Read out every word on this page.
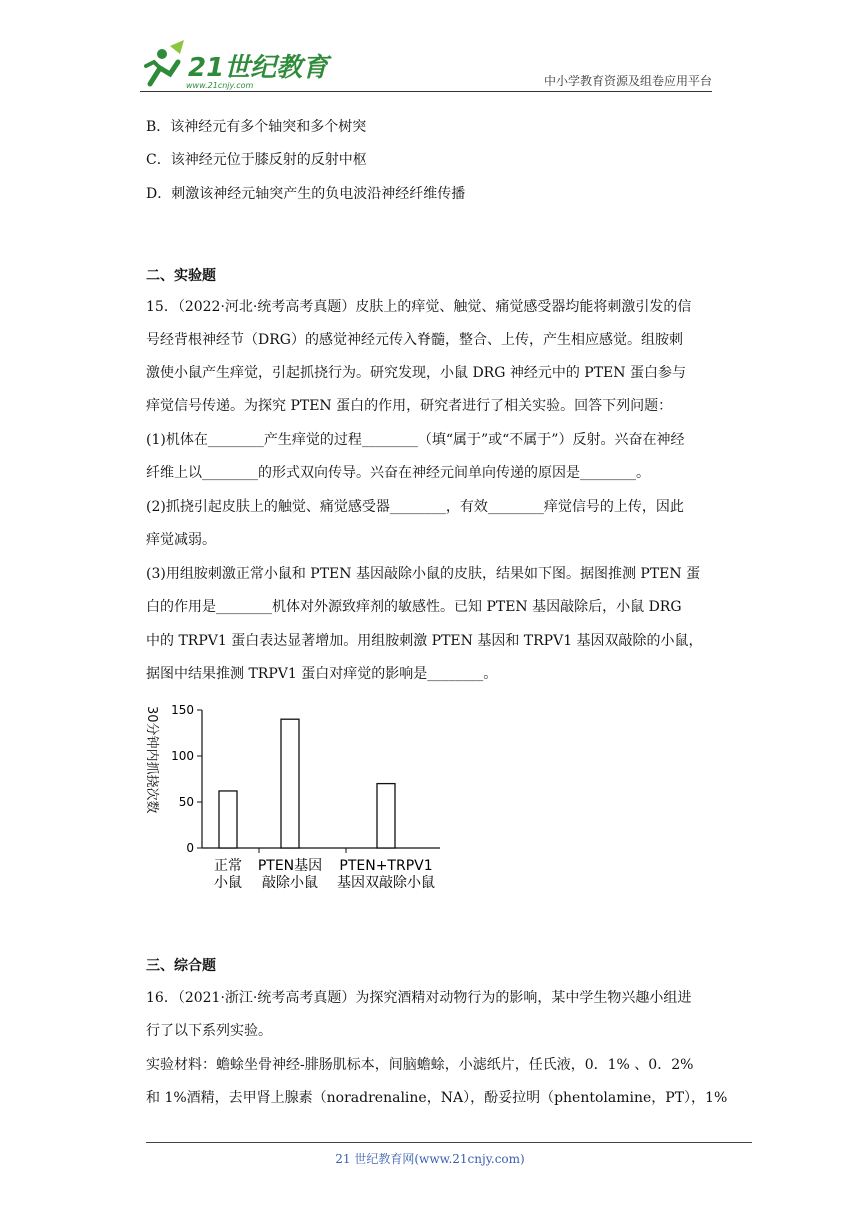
21世纪教育
www.21cnjy.com	中小学教育资源及组卷应用平台
B．该神经元有多个轴突和多个树突
C．该神经元位于膝反射的反射中枢
D．刺激该神经元轴突产生的负电波沿神经纤维传播
二、实验题
15．（2022·河北·统考高考真题）皮肤上的痒觉、触觉、痛觉感受器均能将刺激引发的信
号经背根神经节（DRG）的感觉神经元传入脊髓，整合、上传，产生相应感觉。组胺刺
激使小鼠产生痒觉，引起抓挠行为。研究发现，小鼠 DRG 神经元中的 PTEN 蛋白参与
痒觉信号传递。为探究 PTEN 蛋白的作用，研究者进行了相关实验。回答下列问题：
(1)机体在________产生痒觉的过程________（填“属于”或“不属于”）反射。兴奋在神经
纤维上以________的形式双向传导。兴奋在神经元间单向传递的原因是________。
(2)抓挠引起皮肤上的触觉、痛觉感受器________，有效________痒觉信号的上传，因此
痒觉减弱。
(3)用组胺刺激正常小鼠和 PTEN 基因敲除小鼠的皮肤，结果如下图。据图推测 PTEN 蛋
白的作用是________机体对外源致痒剂的敏感性。已知 PTEN 基因敲除后，小鼠 DRG
中的 TRPV1 蛋白表达显著增加。用组胺刺激 PTEN 基因和 TRPV1 基因双敲除的小鼠，
据图中结果推测 TRPV1 蛋白对痒觉的影响是________。
30分钟内抓挠次数 150
100
50
0
正常
小鼠
PTEN基因
敲除小鼠
PTEN+TRPV1
基因双敲除小鼠
三、综合题
16．（2021·浙江·统考高考真题）为探究酒精对动物行为的影响，某中学生物兴趣小组进
行了以下系列实验。
实验材料：蟾蜍坐骨神经-腓肠肌标本，间脑蟾蜍，小滤纸片，任氏液，0．1% 、0．2%
和 1%酒精，去甲肾上腺素（noradrenaline，NA），酚妥拉明（phentolamine，PT），1%
21 世纪教育网(www.21cnjy.com)
